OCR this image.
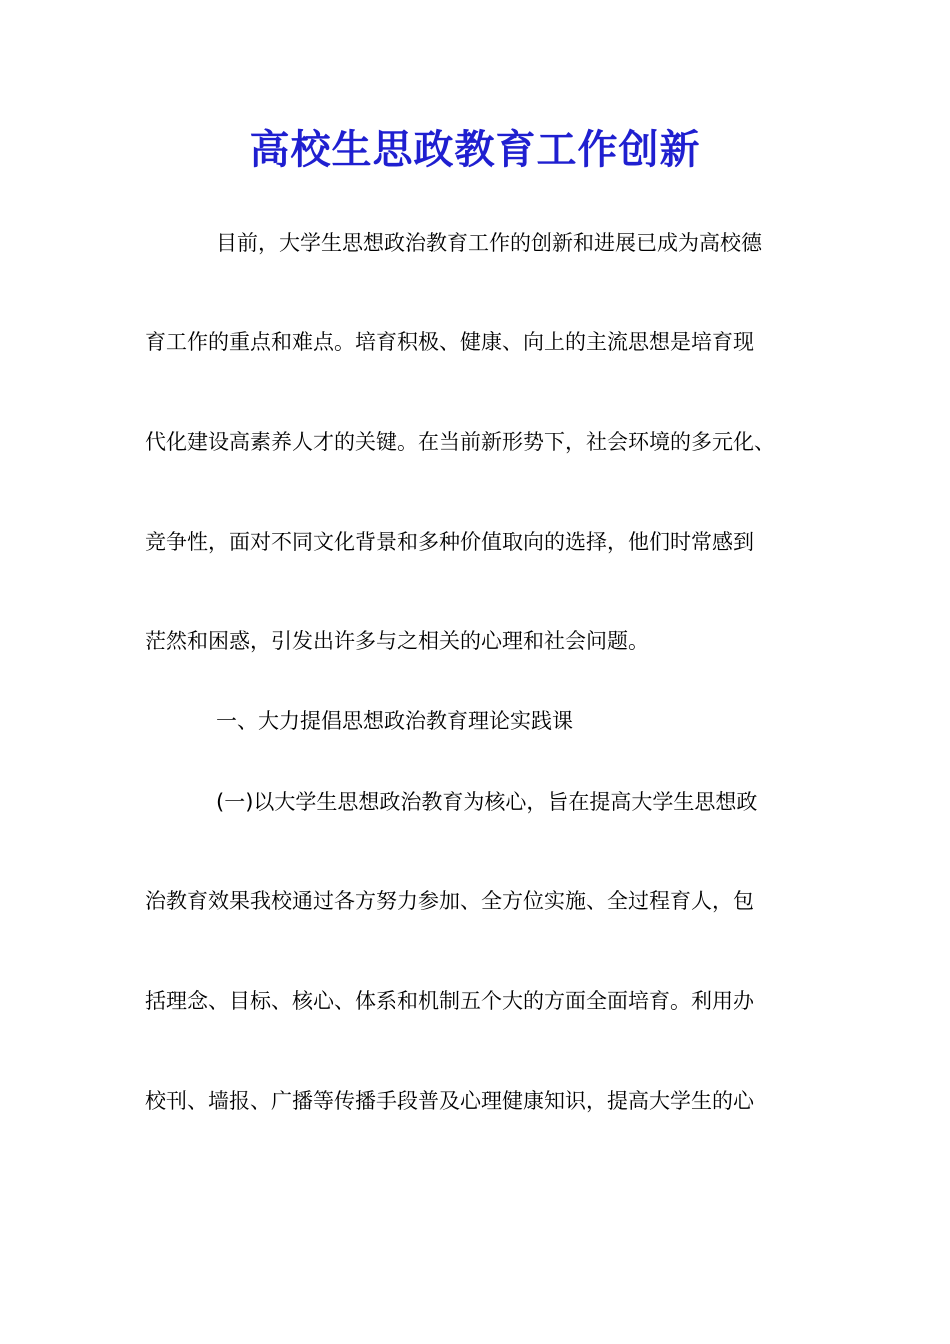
高校生思政教育工作创新
目前，大学生思想政治教育工作的创新和进展已成为高校德
育工作的重点和难点。培育积极、健康、向上的主流思想是培育现
代化建设高素养人才的关键。在当前新形势下，社会环境的多元化、
竞争性，面对不同文化背景和多种价值取向的选择，他们时常感到
茫然和困惑，引发出许多与之相关的心理和社会问题。
一、大力提倡思想政治教育理论实践课
(一)以大学生思想政治教育为核心，旨在提高大学生思想政
治教育效果我校通过各方努力参加、全方位实施、全过程育人，包
括理念、目标、核心、体系和机制五个大的方面全面培育。利用办
校刊、墙报、广播等传播手段普及心理健康知识，提高大学生的心
